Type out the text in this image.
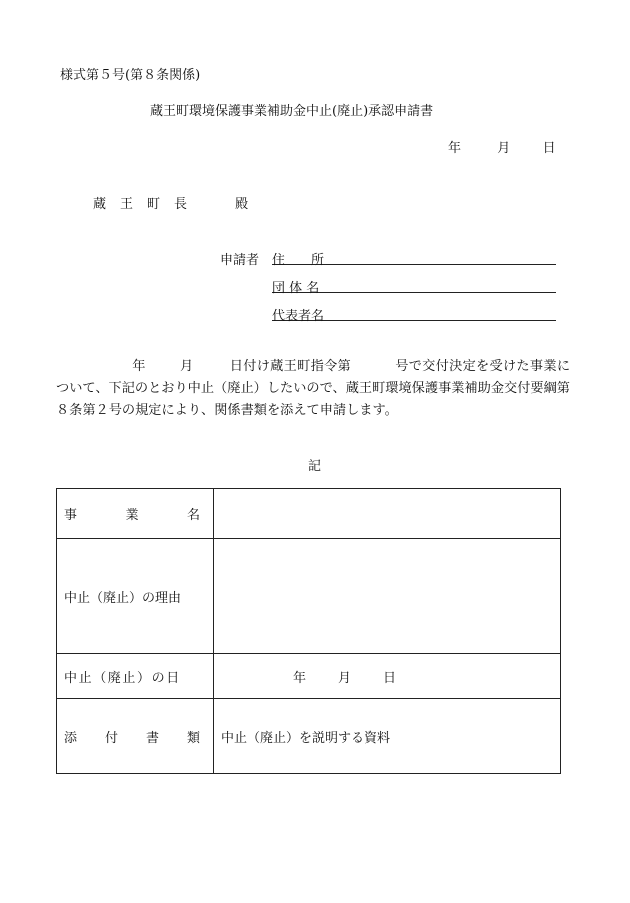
様式第５号(第８条関係)
蔵王町環境保護事業補助金中止(廃止)承認申請書
年	月 日
蔵 王 町 長	殿
申請者 住　　所
団 体 名
代表者名
年	月	日付け蔵王町指令第	号で交付決定を受けた事業について、下記のとおり中止（廃止）したいので、蔵王町環境保護事業補助金交付要綱第８条第２号の規定により、関係書類を添えて申請します。
記
事 業 名	

中止（廃止）の理由	
中止（廃止）の日	年 月 日

添 付 書 類	中止（廃止）を説明する資料
